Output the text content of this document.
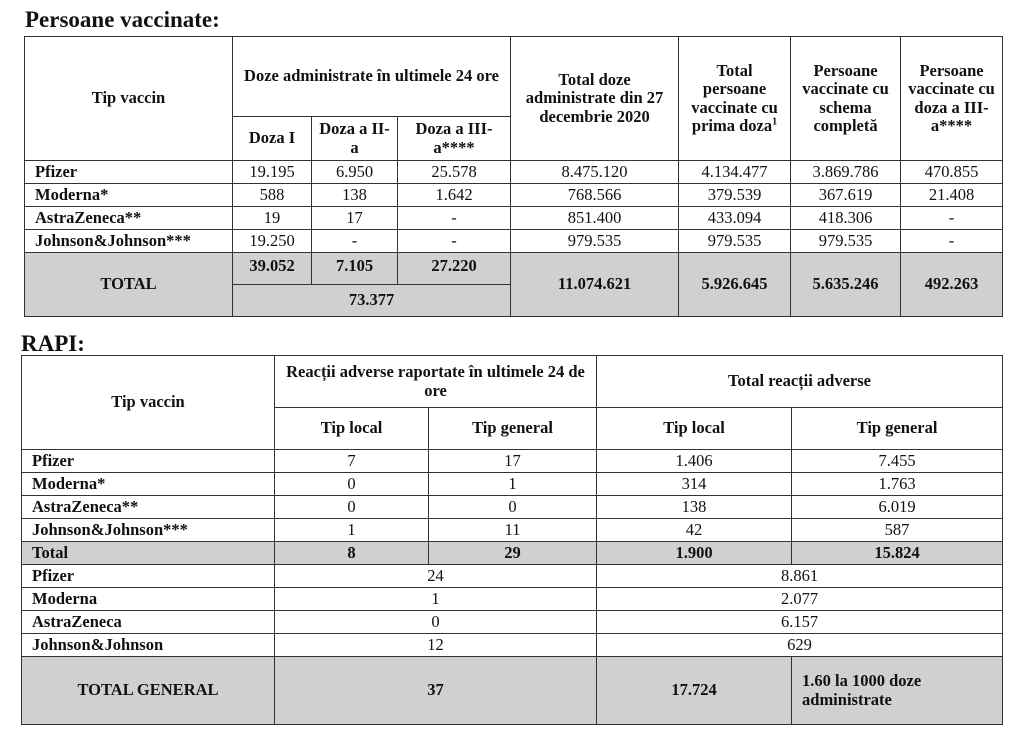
Persoane vaccinate:
Tip vaccin	Doze administrate în ultimele 24 ore			Total doze administrate din 27 decembrie 2020	Total persoane vaccinate cu prima doza$^1$	Persoane vaccinate cu schema completă	Persoane vaccinate cu doza a III-a****
	Doza I	Doza a II-a	Doza a III-a****				
Pfizer	19.195	6.950	25.578	8.475.120	4.134.477	3.869.786	470.855
Moderna*	588	138	1.642	768.566	379.539	367.619	21.408
AstraZeneca**	19	17	-	851.400	433.094	418.306	-
Johnson&Johnson***	19.250	-	-	979.535	979.535	979.535	-
TOTAL	39.052	7.105	27.220	11.074.621	5.926.645	5.635.246	492.263
	73.377						
RAPI:
Tip vaccin	Reacții adverse raportate în ultimele 24 de ore		Total reacții adverse	
	Tip local	Tip general	Tip local	Tip general
Pfizer	7	17	1.406	7.455
Moderna*	0	1	314	1.763
AstraZeneca**	0	0	138	6.019
Johnson&Johnson***	1	11	42	587
Total	8	29	1.900	15.824
Pfizer	24		8.861	
Moderna	1		2.077	
AstraZeneca	0		6.157	
Johnson&Johnson	12		629	
TOTAL GENERAL	37		17.724	1.60 la 1000 doze administrate
